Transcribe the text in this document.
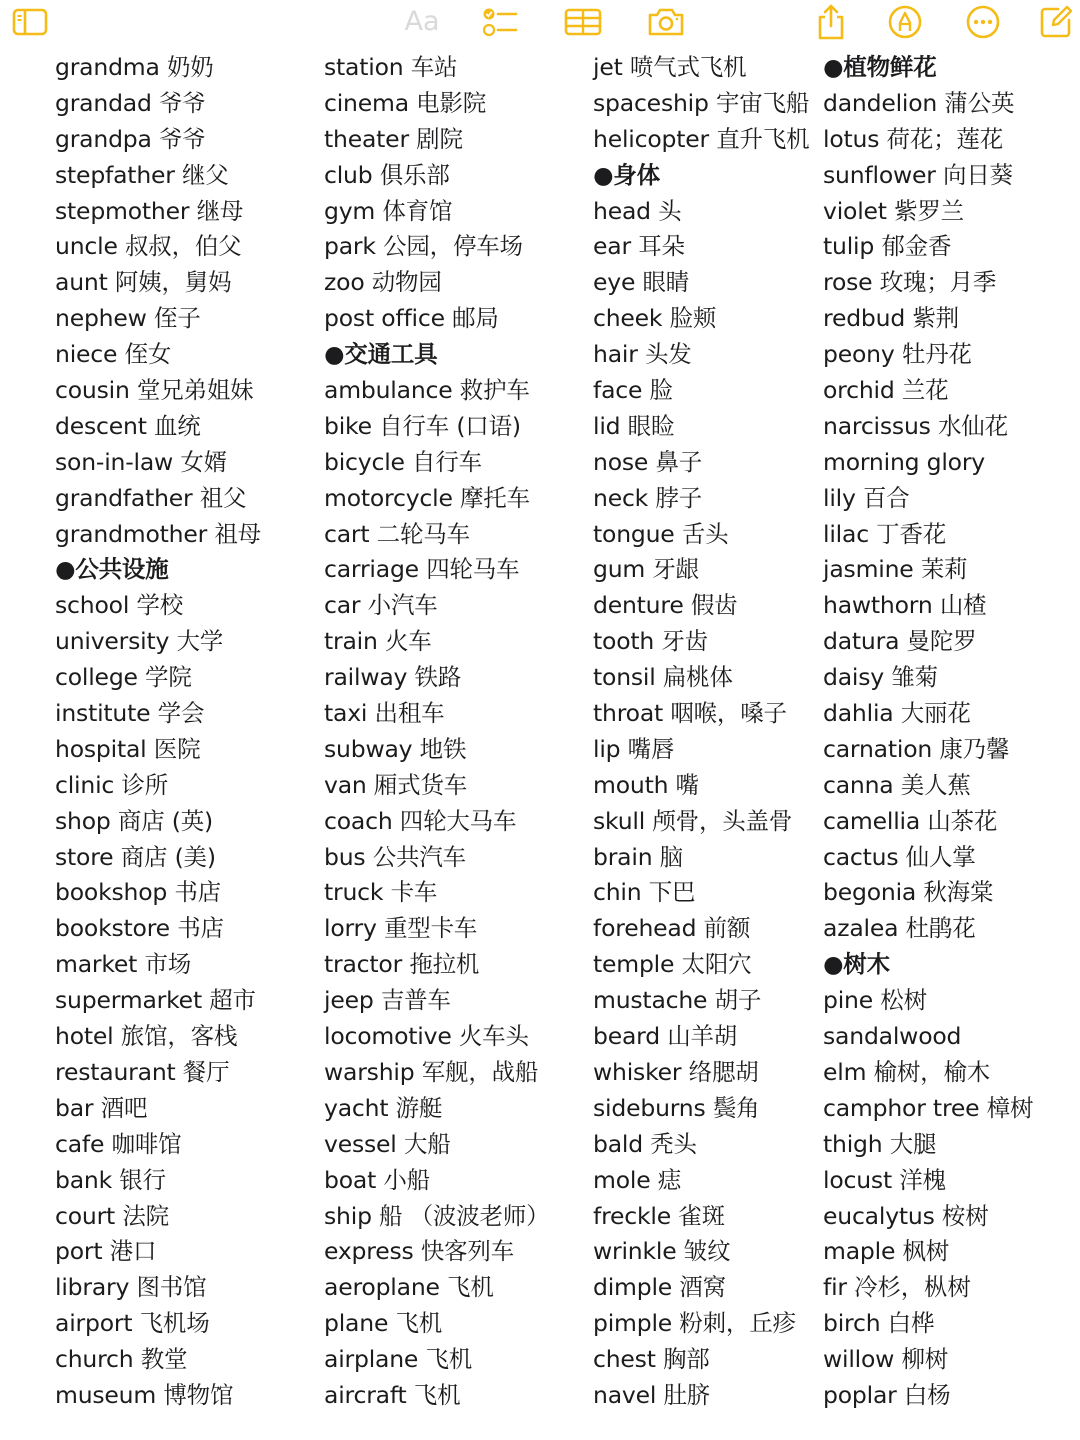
Aa
grandma 奶奶
grandad 爷爷
grandpa 爷爷
stepfather 继父
stepmother 继母
uncle 叔叔，伯父
aunt 阿姨，舅妈
nephew 侄子
niece 侄女
cousin 堂兄弟姐妹
descent 血统
son-in-law 女婿
grandfather 祖父
grandmother 祖母
●公共设施
school 学校
university 大学
college 学院
institute 学会
hospital 医院
clinic 诊所
shop 商店 (英)
store 商店 (美)
bookshop 书店
bookstore 书店
market 市场
supermarket 超市
hotel 旅馆，客栈
restaurant 餐厅
bar 酒吧
cafe 咖啡馆
bank 银行
court 法院
port 港口
library 图书馆
airport 飞机场
church 教堂
museum 博物馆
station 车站
cinema 电影院
theater 剧院
club 俱乐部
gym 体育馆
park 公园，停车场
zoo 动物园
post office 邮局
●交通工具
ambulance 救护车
bike 自行车 (口语)
bicycle 自行车
motorcycle 摩托车
cart 二轮马车
carriage 四轮马车
car 小汽车
train 火车
railway 铁路
taxi 出租车
subway 地铁
van 厢式货车
coach 四轮大马车
bus 公共汽车
truck 卡车
lorry 重型卡车
tractor 拖拉机
jeep 吉普车
locomotive 火车头
warship 军舰，战船
yacht 游艇
vessel 大船
boat 小船
ship 船 （波波老师）
express 快客列车
aeroplane 飞机
plane 飞机
airplane 飞机
aircraft 飞机
jet 喷气式飞机
spaceship 宇宙飞船
helicopter 直升飞机
●身体
head 头
ear 耳朵
eye 眼睛
cheek 脸颊
hair 头发
face 脸
lid 眼睑
nose 鼻子
neck 脖子
tongue 舌头
gum 牙龈
denture 假齿
tooth 牙齿
tonsil 扁桃体
throat 咽喉，嗓子
lip 嘴唇
mouth 嘴
skull 颅骨，头盖骨
brain 脑
chin 下巴
forehead 前额
temple 太阳穴
mustache 胡子
beard 山羊胡
whisker 络腮胡
sideburns 鬓角
bald 秃头
mole 痣
freckle 雀斑
wrinkle 皱纹
dimple 酒窝
pimple 粉刺，丘疹
chest 胸部
navel 肚脐
●植物鲜花
dandelion 蒲公英
lotus 荷花；莲花
sunflower 向日葵
violet 紫罗兰
tulip 郁金香
rose 玫瑰；月季
redbud 紫荆
peony 牡丹花
orchid 兰花
narcissus 水仙花
morning glory
lily 百合
lilac 丁香花
jasmine 茉莉
hawthorn 山楂
datura 曼陀罗
daisy 雏菊
dahlia 大丽花
carnation 康乃馨
canna 美人蕉
camellia 山茶花
cactus 仙人掌
begonia 秋海棠
azalea 杜鹃花
●树木
pine 松树
sandalwood
elm 榆树，榆木
camphor tree 樟树
thigh 大腿
locust 洋槐
eucalytus 桉树
maple 枫树
fir 冷杉，枞树
birch 白桦
willow 柳树
poplar 白杨
